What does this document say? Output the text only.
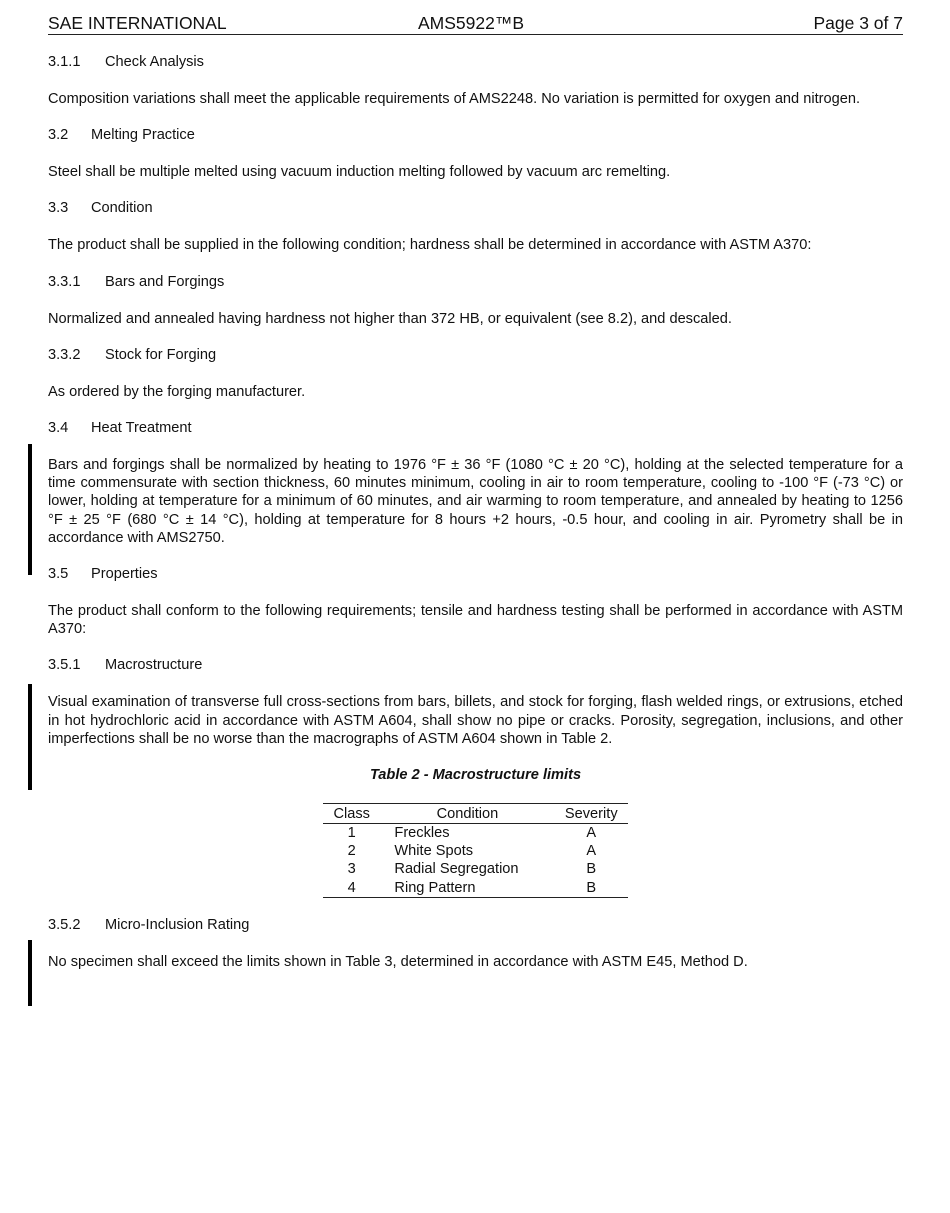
SAE INTERNATIONAL	AMS5922™B	Page 3 of 7
3.1.1 Check Analysis
Composition variations shall meet the applicable requirements of AMS2248. No variation is permitted for oxygen and nitrogen.
3.2 Melting Practice
Steel shall be multiple melted using vacuum induction melting followed by vacuum arc remelting.
3.3 Condition
The product shall be supplied in the following condition; hardness shall be determined in accordance with ASTM A370:
3.3.1 Bars and Forgings
Normalized and annealed having hardness not higher than 372 HB, or equivalent (see 8.2), and descaled.
3.3.2 Stock for Forging
As ordered by the forging manufacturer.
3.4 Heat Treatment
Bars and forgings shall be normalized by heating to 1976 °F ± 36 °F (1080 °C ± 20 °C), holding at the selected temperature for a time commensurate with section thickness, 60 minutes minimum, cooling in air to room temperature, cooling to -100 °F (-73 °C) or lower, holding at temperature for a minimum of 60 minutes, and air warming to room temperature, and annealed by heating to 1256 °F ± 25 °F (680 °C ± 14 °C), holding at temperature for 8 hours +2 hours, -0.5 hour, and cooling in air. Pyrometry shall be in accordance with AMS2750.
3.5 Properties
The product shall conform to the following requirements; tensile and hardness testing shall be performed in accordance with ASTM A370:
3.5.1 Macrostructure
Visual examination of transverse full cross-sections from bars, billets, and stock for forging, flash welded rings, or extrusions, etched in hot hydrochloric acid in accordance with ASTM A604, shall show no pipe or cracks. Porosity, segregation, inclusions, and other imperfections shall be no worse than the macrographs of ASTM A604 shown in Table 2.
Table 2 - Macrostructure limits
Class	Condition	Severity
1	Freckles	A
2	White Spots	A
3	Radial Segregation	B
4	Ring Pattern	B
3.5.2 Micro-Inclusion Rating
No specimen shall exceed the limits shown in Table 3, determined in accordance with ASTM E45, Method D.
